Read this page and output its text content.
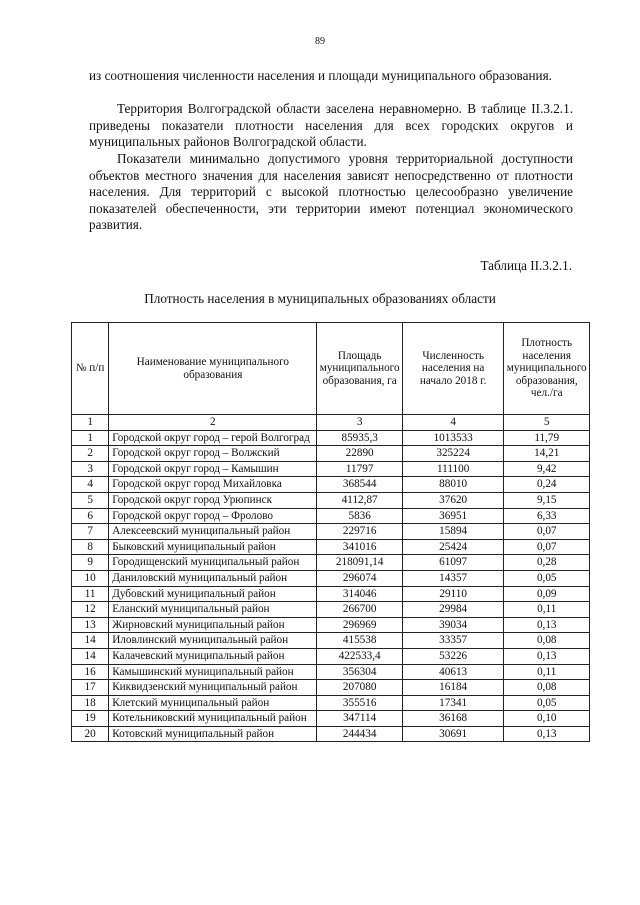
89

из соотношения численности населения и площади муниципального образования.

Территория Волгоградской области заселена неравномерно. В таблице II.3.2.1. приведены показатели плотности населения для всех городских округов и муниципальных районов Волгоградской области.

Показатели минимально допустимого уровня территориальной доступности объектов местного значения для населения зависят непосредственно от плотности населения. Для территорий с высокой плотностью целесообразно увеличение показателей обеспеченности, эти территории имеют потенциал экономического развития.

Таблица II.3.2.1.
Плотность населения в муниципальных образованиях области
№ п/п	Наименование муниципального образования	Площадь муниципального образования, га	Численность населения на начало 2018 г.	Плотность населения муниципального образования, чел./га
1	2	3	4	5
1	Городской округ город – герой Волгоград	85935,3	1013533	11,79
2	Городской округ город – Волжский	22890	325224	14,21
3	Городской округ город – Камышин	11797	111100	9,42
4	Городской округ город Михайловка	368544	88010	0,24
5	Городской округ город Урюпинск	4112,87	37620	9,15
6	Городской округ город – Фролово	5836	36951	6,33
7	Алексеевский муниципальный район	229716	15894	0,07
8	Быковский муниципальный район	341016	25424	0,07
9	Городищенский муниципальный район	218091,14	61097	0,28
10	Даниловский муниципальный район	296074	14357	0,05
11	Дубовский муниципальный район	314046	29110	0,09
12	Еланский муниципальный район	266700	29984	0,11
13	Жирновский муниципальный район	296969	39034	0,13
14	Иловлинский муниципальный район	415538	33357	0,08
14	Калачевский муниципальный район	422533,4	53226	0,13
16	Камышинский муниципальный район	356304	40613	0,11
17	Киквидзенский муниципальный район	207080	16184	0,08
18	Клетский муниципальный район	355516	17341	0,05
19	Котельниковский муниципальный район	347114	36168	0,10
20	Котовский муниципальный район	244434	30691	0,13
